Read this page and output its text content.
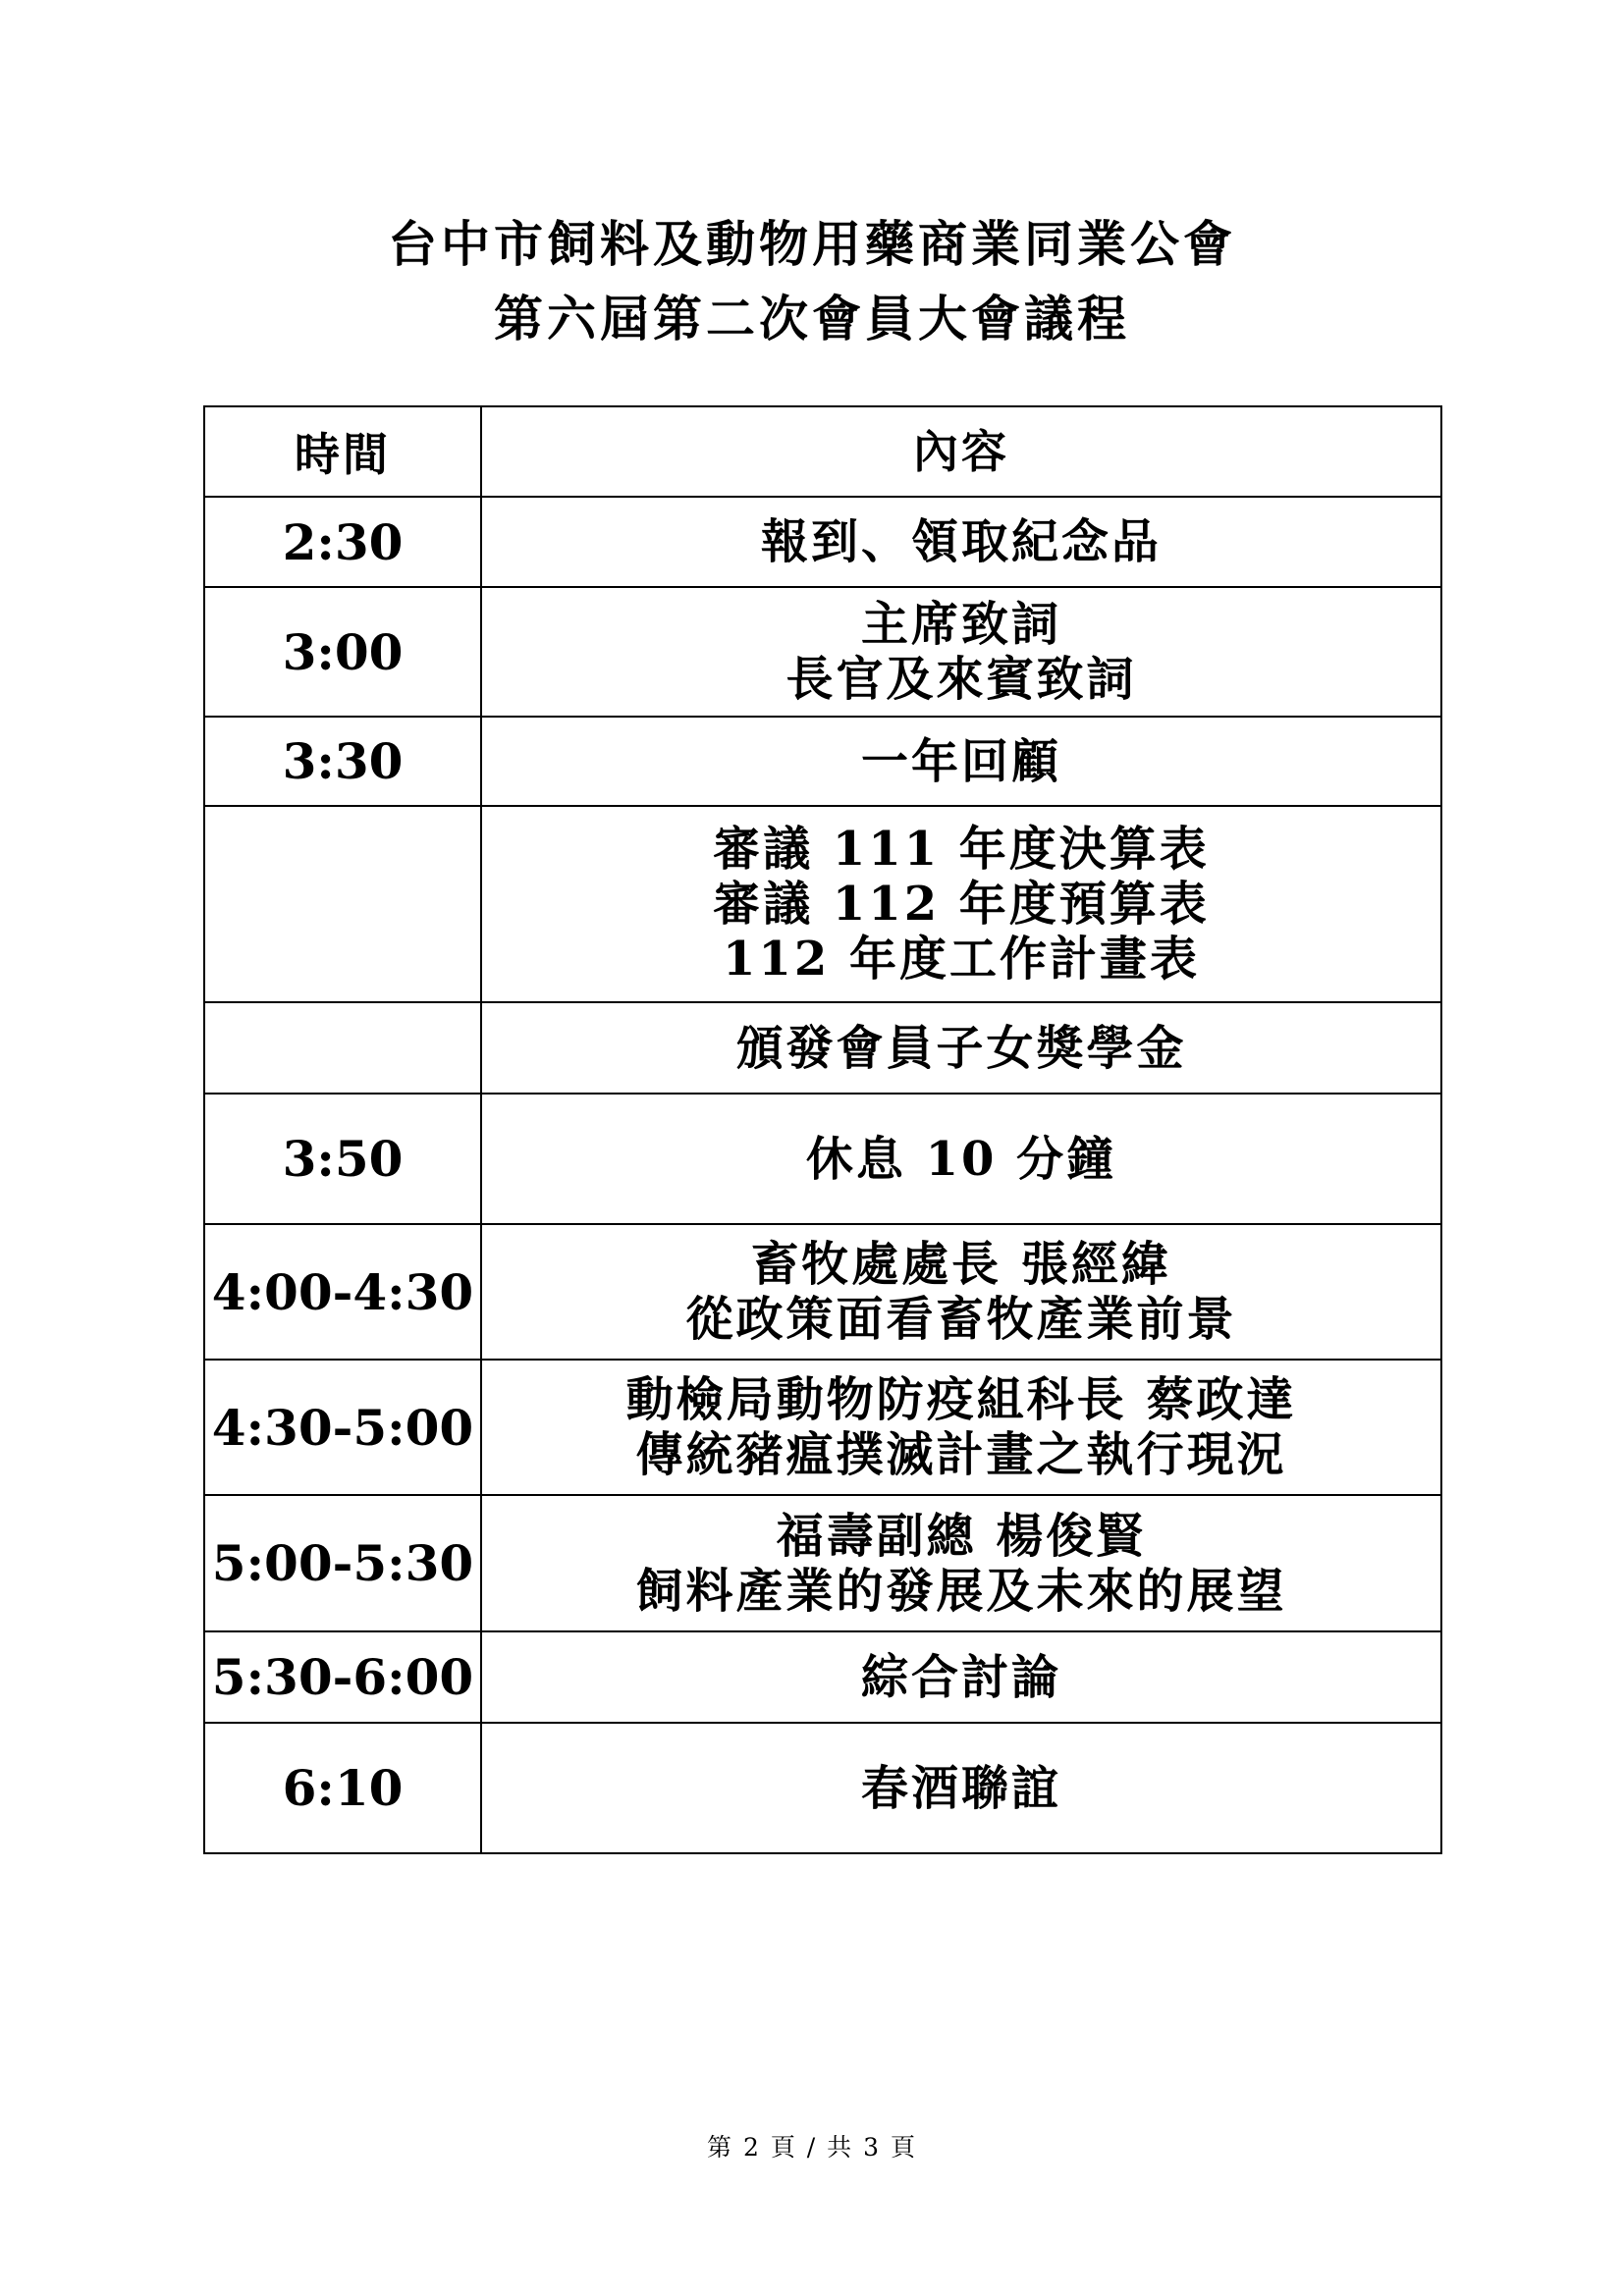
台中市飼料及動物用藥商業同業公會
第六屆第二次會員大會議程
時間	內容
2:30	報到、領取紀念品

3:00	主席致詞
長官及來賓致詞

3:30	一年回顧

	審議 111 年度決算表
審議 112 年度預算表
112 年度工作計畫表

	頒發會員子女獎學金

3:50	休息 10 分鐘

4:00-4:30	畜牧處處長 張經緯
從政策面看畜牧產業前景

4:30-5:00	動檢局動物防疫組科長 蔡政達
傳統豬瘟撲滅計畫之執行現況

5:00-5:30	福壽副總 楊俊賢
飼料產業的發展及未來的展望

5:30-6:00	綜合討論

6:10	春酒聯誼
第 2 頁 / 共 3 頁
